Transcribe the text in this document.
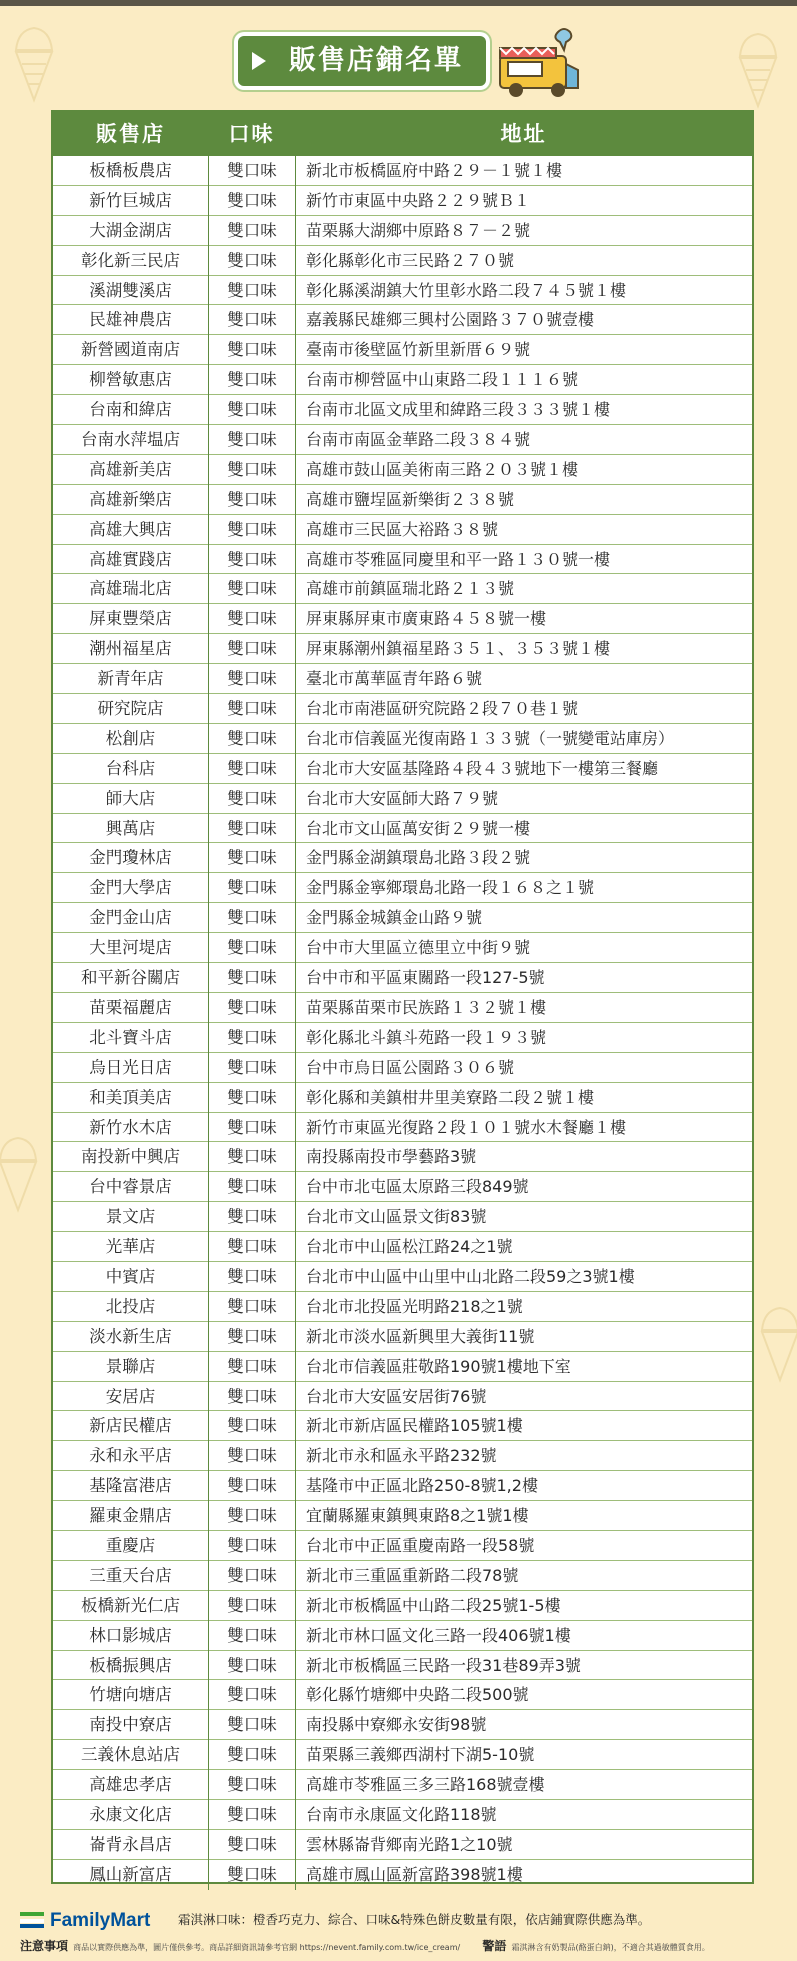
販售店鋪名單
販售店	口味	地址
板橋板農店	雙口味	新北市板橋區府中路２９－１號１樓
新竹巨城店	雙口味	新竹市東區中央路２２９號Ｂ１
大湖金湖店	雙口味	苗栗縣大湖鄉中原路８７－２號
彰化新三民店	雙口味	彰化縣彰化市三民路２７０號
溪湖雙溪店	雙口味	彰化縣溪湖鎮大竹里彰水路二段７４５號１樓
民雄神農店	雙口味	嘉義縣民雄鄉三興村公園路３７０號壹樓
新營國道南店	雙口味	臺南市後壁區竹新里新厝６９號
柳營敏惠店	雙口味	台南市柳營區中山東路二段１１１６號
台南和緯店	雙口味	台南市北區文成里和緯路三段３３３號１樓
台南水萍塭店	雙口味	台南市南區金華路二段３８４號
高雄新美店	雙口味	高雄市鼓山區美術南三路２０３號１樓
高雄新樂店	雙口味	高雄市鹽埕區新樂街２３８號
高雄大興店	雙口味	高雄市三民區大裕路３８號
高雄實踐店	雙口味	高雄市苓雅區同慶里和平一路１３０號一樓
高雄瑞北店	雙口味	高雄市前鎮區瑞北路２１３號
屏東豐榮店	雙口味	屏東縣屏東市廣東路４５８號一樓
潮州福星店	雙口味	屏東縣潮州鎮福星路３５１、３５３號１樓
新青年店	雙口味	臺北市萬華區青年路６號
研究院店	雙口味	台北市南港區研究院路２段７０巷１號
松創店	雙口味	台北市信義區光復南路１３３號（一號變電站庫房）
台科店	雙口味	台北市大安區基隆路４段４３號地下一樓第三餐廳
師大店	雙口味	台北市大安區師大路７９號
興萬店	雙口味	台北市文山區萬安街２９號一樓
金門瓊林店	雙口味	金門縣金湖鎮環島北路３段２號
金門大學店	雙口味	金門縣金寧鄉環島北路一段１６８之１號
金門金山店	雙口味	金門縣金城鎮金山路９號
大里河堤店	雙口味	台中市大里區立德里立中街９號
和平新谷關店	雙口味	台中市和平區東關路一段127-5號
苗栗福麗店	雙口味	苗栗縣苗栗市民族路１３２號１樓
北斗寶斗店	雙口味	彰化縣北斗鎮斗苑路一段１９３號
烏日光日店	雙口味	台中市烏日區公園路３０６號
和美頂美店	雙口味	彰化縣和美鎮柑井里美寮路二段２號１樓
新竹水木店	雙口味	新竹市東區光復路２段１０１號水木餐廳１樓
南投新中興店	雙口味	南投縣南投市學藝路3號
台中睿景店	雙口味	台中市北屯區太原路三段849號
景文店	雙口味	台北市文山區景文街83號
光華店	雙口味	台北市中山區松江路24之1號
中賓店	雙口味	台北市中山區中山里中山北路二段59之3號1樓
北投店	雙口味	台北市北投區光明路218之1號
淡水新生店	雙口味	新北市淡水區新興里大義街11號
景聯店	雙口味	台北市信義區莊敬路190號1樓地下室
安居店	雙口味	台北市大安區安居街76號
新店民權店	雙口味	新北市新店區民權路105號1樓
永和永平店	雙口味	新北市永和區永平路232號
基隆富港店	雙口味	基隆市中正區北路250-8號1,2樓
羅東金鼎店	雙口味	宜蘭縣羅東鎮興東路8之1號1樓
重慶店	雙口味	台北市中正區重慶南路一段58號
三重天台店	雙口味	新北市三重區重新路二段78號
板橋新光仁店	雙口味	新北市板橋區中山路二段25號1-5樓
林口影城店	雙口味	新北市林口區文化三路一段406號1樓
板橋振興店	雙口味	新北市板橋區三民路一段31巷89弄3號
竹塘向塘店	雙口味	彰化縣竹塘鄉中央路二段500號
南投中寮店	雙口味	南投縣中寮鄉永安街98號
三義休息站店	雙口味	苗栗縣三義鄉西湖村下湖5-10號
高雄忠孝店	雙口味	高雄市苓雅區三多三路168號壹樓
永康文化店	雙口味	台南市永康區文化路118號
崙背永昌店	雙口味	雲林縣崙背鄉南光路1之10號
鳳山新富店	雙口味	高雄市鳳山區新富路398號1樓
FamilyMart 霜淇淋口味：橙香巧克力、綜合、口味&特殊色餅皮數量有限，依店鋪實際供應為準。
注意事項 商品以實際供應為準，圖片僅供參考。商品詳細資訊請參考官網 https://nevent.family.com.tw/ice_cream/ 警語 霜淇淋含有奶製品(酪蛋白鈉)，不適合其過敏體質食用。
